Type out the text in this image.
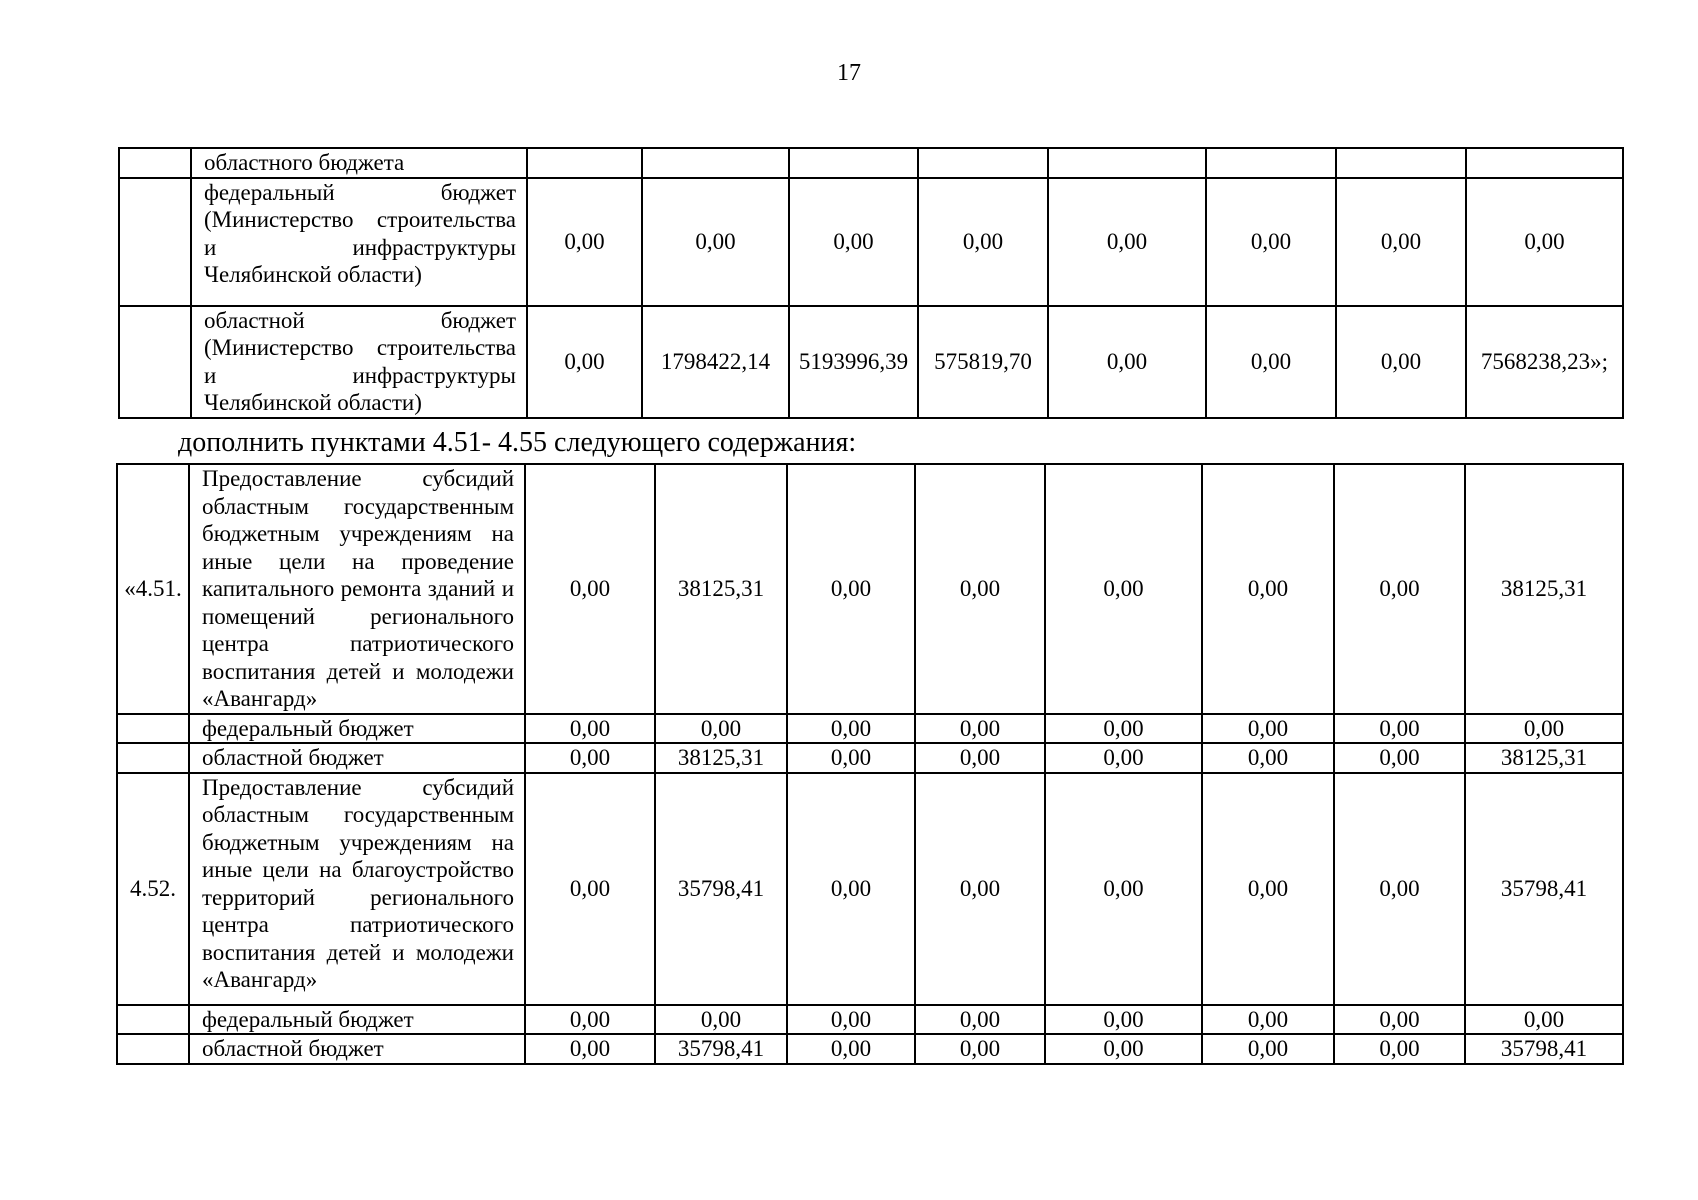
17
	областного бюджета								
	федеральный бюджет (Министерство строительства и инфраструктуры Челябинской области)	0,00	0,00	0,00	0,00	0,00	0,00	0,00	0,00
	областной бюджет (Министерство строительства и инфраструктуры Челябинской области)	0,00	1798422,14	5193996,39	575819,70	0,00	0,00	0,00	7568238,23»;
дополнить пунктами 4.51- 4.55 следующего содержания:
«4.51.	Предоставление субсидий областным государственным бюджетным учреждениям на иные цели на проведение капитального ремонта зданий и помещений регионального центра патриотического воспитания детей и молодежи «Авангард»	0,00	38125,31	0,00	0,00	0,00	0,00	0,00	38125,31
	федеральный бюджет	0,00	0,00	0,00	0,00	0,00	0,00	0,00	0,00
	областной бюджет	0,00	38125,31	0,00	0,00	0,00	0,00	0,00	38125,31
4.52.	Предоставление субсидий областным государственным бюджетным учреждениям на иные цели на благоустройство территорий регионального центра патриотического воспитания детей и молодежи «Авангард»	0,00	35798,41	0,00	0,00	0,00	0,00	0,00	35798,41
	федеральный бюджет	0,00	0,00	0,00	0,00	0,00	0,00	0,00	0,00
	областной бюджет	0,00	35798,41	0,00	0,00	0,00	0,00	0,00	35798,41
